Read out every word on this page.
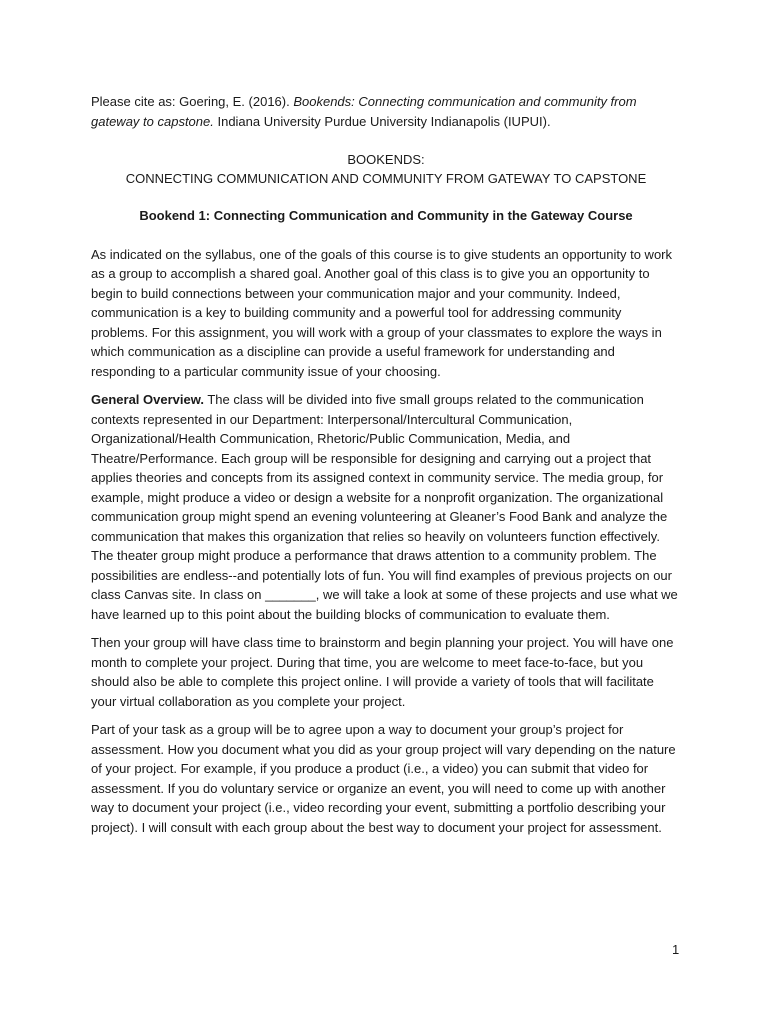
Please cite as: Goering, E. (2016). Bookends: Connecting communication and community from gateway to capstone. Indiana University Purdue University Indianapolis (IUPUI).

BOOKENDS:
CONNECTING COMMUNICATION AND COMMUNITY FROM GATEWAY TO CAPSTONE
Bookend 1: Connecting Communication and Community in the Gateway Course

As indicated on the syllabus, one of the goals of this course is to give students an opportunity to work as a group to accomplish a shared goal. Another goal of this class is to give you an opportunity to begin to build connections between your communication major and your community. Indeed, communication is a key to building community and a powerful tool for addressing community problems. For this assignment, you will work with a group of your classmates to explore the ways in which communication as a discipline can provide a useful framework for understanding and responding to a particular community issue of your choosing.

General Overview. The class will be divided into five small groups related to the communication contexts represented in our Department: Interpersonal/Intercultural Communication, Organizational/Health Communication, Rhetoric/Public Communication, Media, and Theatre/Performance. Each group will be responsible for designing and carrying out a project that applies theories and concepts from its assigned context in community service. The media group, for example, might produce a video or design a website for a nonprofit organization. The organizational communication group might spend an evening volunteering at Gleaner’s Food Bank and analyze the communication that makes this organization that relies so heavily on volunteers function effectively. The theater group might produce a performance that draws attention to a community problem. The possibilities are endless--and potentially lots of fun. You will find examples of previous projects on our class Canvas site. In class on _______, we will take a look at some of these projects and use what we have learned up to this point about the building blocks of communication to evaluate them.

Then your group will have class time to brainstorm and begin planning your project. You will have one month to complete your project. During that time, you are welcome to meet face-to-face, but you should also be able to complete this project online. I will provide a variety of tools that will facilitate your virtual collaboration as you complete your project.

Part of your task as a group will be to agree upon a way to document your group’s project for assessment. How you document what you did as your group project will vary depending on the nature of your project. For example, if you produce a product (i.e., a video) you can submit that video for assessment. If you do voluntary service or organize an event, you will need to come up with another way to document your project (i.e., video recording your event, submitting a portfolio describing your project). I will consult with each group about the best way to document your project for assessment.

1
